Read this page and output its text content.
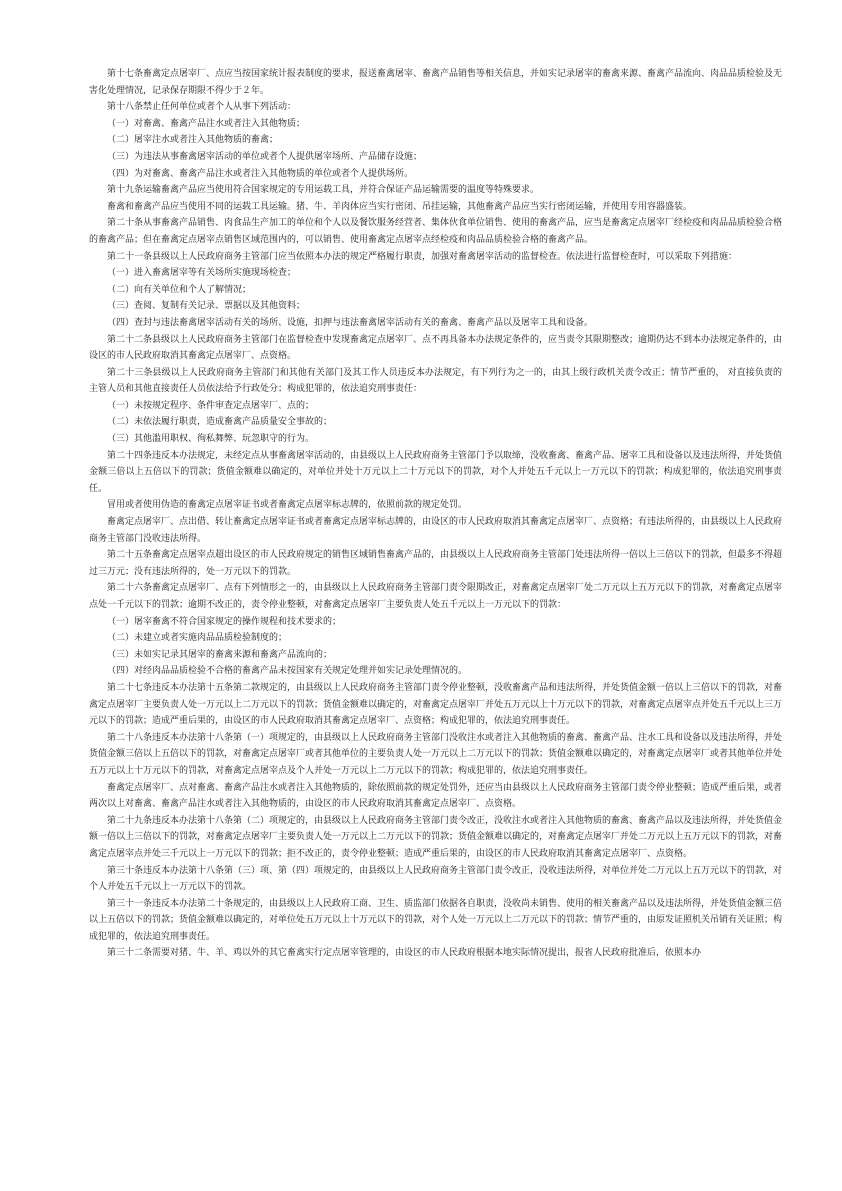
第十七条畜禽定点屠宰厂、点应当按国家统计报表制度的要求，报送畜禽屠宰、畜禽产品销售等相关信息，并如实记录屠宰的畜禽来源、畜禽产品流向、肉品品质检验及无害化处理情况，记录保存期限不得少于２年。

第十八条禁止任何单位或者个人从事下列活动：

（一）对畜禽、畜禽产品注水或者注入其他物质；

（二）屠宰注水或者注入其他物质的畜禽；

（三）为违法从事畜禽屠宰活动的单位或者个人提供屠宰场所、产品储存设施；

（四）为对畜禽、畜禽产品注水或者注入其他物质的单位或者个人提供场所。

第十九条运输畜禽产品应当使用符合国家规定的专用运载工具，并符合保证产品运输需要的温度等特殊要求。

畜禽和畜禽产品应当使用不同的运载工具运输。猪、牛、羊肉体应当实行密闭、吊挂运输，其他畜禽产品应当实行密闭运输，并使用专用容器盛装。

第二十条从事畜禽产品销售、肉食品生产加工的单位和个人以及餐饮服务经营者、集体伙食单位销售、使用的畜禽产品，应当是畜禽定点屠宰厂经检疫和肉品品质检验合格的畜禽产品；但在畜禽定点屠宰点销售区域范围内的，可以销售、使用畜禽定点屠宰点经检疫和肉品品质检验合格的畜禽产品。

第二十一条县级以上人民政府商务主管部门应当依照本办法的规定严格履行职责，加强对畜禽屠宰活动的监督检查。依法进行监督检查时，可以采取下列措施：

（一）进入畜禽屠宰等有关场所实施现场检查；

（二）向有关单位和个人了解情况；

（三）查阅、复制有关记录、票据以及其他资料；

（四）查封与违法畜禽屠宰活动有关的场所、设施，扣押与违法畜禽屠宰活动有关的畜禽、畜禽产品以及屠宰工具和设备。

第二十二条县级以上人民政府商务主管部门在监督检查中发现畜禽定点屠宰厂、点不再具备本办法规定条件的，应当责令其限期整改；逾期仍达不到本办法规定条件的，由设区的市人民政府取消其畜禽定点屠宰厂、点资格。

第二十三条县级以上人民政府商务主管部门和其他有关部门及其工作人员违反本办法规定，有下列行为之一的，由其上级行政机关责令改正；情节严重的， 对直接负责的主管人员和其他直接责任人员依法给予行政处分；构成犯罪的，依法追究刑事责任：

（一）未按规定程序、条件审查定点屠宰厂、点的；

（二）未依法履行职责，造成畜禽产品质量安全事故的；

（三）其他滥用职权、徇私舞弊、玩忽职守的行为。

第二十四条违反本办法规定，未经定点从事畜禽屠宰活动的，由县级以上人民政府商务主管部门予以取缔，没收畜禽、畜禽产品、屠宰工具和设备以及违法所得，并处货值金额三倍以上五倍以下的罚款；货值金额难以确定的，对单位并处十万元以上二十万元以下的罚款，对个人并处五千元以上一万元以下的罚款；构成犯罪的，依法追究刑事责任。

冒用或者使用伪造的畜禽定点屠宰证书或者畜禽定点屠宰标志牌的，依照前款的规定处罚。

畜禽定点屠宰厂、点出借、转让畜禽定点屠宰证书或者畜禽定点屠宰标志牌的，由设区的市人民政府取消其畜禽定点屠宰厂、点资格；有违法所得的，由县级以上人民政府商务主管部门没收违法所得。

第二十五条畜禽定点屠宰点超出设区的市人民政府规定的销售区域销售畜禽产品的，由县级以上人民政府商务主管部门处违法所得一倍以上三倍以下的罚款，但最多不得超过三万元；没有违法所得的，处一万元以下的罚款。

第二十六条畜禽定点屠宰厂、点有下列情形之一的，由县级以上人民政府商务主管部门责令限期改正，对畜禽定点屠宰厂处二万元以上五万元以下的罚款，对畜禽定点屠宰点处一千元以下的罚款；逾期不改正的，责令停业整顿，对畜禽定点屠宰厂主要负责人处五千元以上一万元以下的罚款：

（一）屠宰畜禽不符合国家规定的操作规程和技术要求的；

（二）未建立或者实施肉品品质检验制度的；

（三）未如实记录其屠宰的畜禽来源和畜禽产品流向的；

（四）对经肉品品质检验不合格的畜禽产品未按国家有关规定处理并如实记录处理情况的。

第二十七条违反本办法第十五条第二款规定的，由县级以上人民政府商务主管部门责令停业整顿，没收畜禽产品和违法所得，并处货值金额一倍以上三倍以下的罚款，对畜禽定点屠宰厂主要负责人处一万元以上二万元以下的罚款；货值金额难以确定的，对畜禽定点屠宰厂并处五万元以上十万元以下的罚款，对畜禽定点屠宰点并处五千元以上三万元以下的罚款；造成严重后果的，由设区的市人民政府取消其畜禽定点屠宰厂、点资格；构成犯罪的，依法追究刑事责任。

第二十八条违反本办法第十八条第（一）项规定的，由县级以上人民政府商务主管部门没收注水或者注入其他物质的畜禽、畜禽产品、注水工具和设备以及违法所得，并处货值金额三倍以上五倍以下的罚款，对畜禽定点屠宰厂或者其他单位的主要负责人处一万元以上二万元以下的罚款；货值金额难以确定的，对畜禽定点屠宰厂或者其他单位并处五万元以上十万元以下的罚款，对畜禽定点屠宰点及个人并处一万元以上二万元以下的罚款；构成犯罪的，依法追究刑事责任。

畜禽定点屠宰厂、点对畜禽、畜禽产品注水或者注入其他物质的，除依照前款的规定处罚外，还应当由县级以上人民政府商务主管部门责令停业整顿；造成严重后果，或者两次以上对畜禽、畜禽产品注水或者注入其他物质的，由设区的市人民政府取消其畜禽定点屠宰厂、点资格。

第二十九条违反本办法第十八条第（二）项规定的，由县级以上人民政府商务主管部门责令改正，没收注水或者注入其他物质的畜禽、畜禽产品以及违法所得，并处货值金额一倍以上三倍以下的罚款，对畜禽定点屠宰厂主要负责人处一万元以上二万元以下的罚款；货值金额难以确定的，对畜禽定点屠宰厂并处二万元以上五万元以下的罚款，对畜禽定点屠宰点并处三千元以上一万元以下的罚款；拒不改正的，责令停业整顿；造成严重后果的，由设区的市人民政府取消其畜禽定点屠宰厂、点资格。

第三十条违反本办法第十八条第（三）项、第（四）项规定的，由县级以上人民政府商务主管部门责令改正，没收违法所得，对单位并处二万元以上五万元以下的罚款，对个人并处五千元以上一万元以下的罚款。

第三十一条违反本办法第二十条规定的，由县级以上人民政府工商、卫生、质监部门依据各自职责，没收尚未销售、使用的相关畜禽产品以及违法所得，并处货值金额三倍以上五倍以下的罚款；货值金额难以确定的，对单位处五万元以上十万元以下的罚款，对个人处一万元以上二万元以下的罚款；情节严重的，由原发证照机关吊销有关证照；构成犯罪的，依法追究刑事责任。

第三十二条需要对猪、牛、羊、鸡以外的其它畜禽实行定点屠宰管理的，由设区的市人民政府根据本地实际情况提出，报省人民政府批准后，依照本办
